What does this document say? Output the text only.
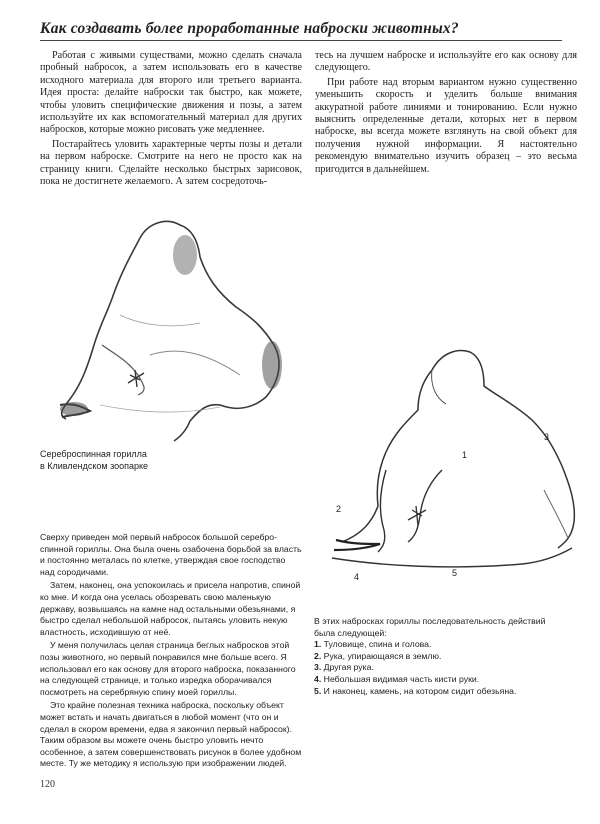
Как создавать более проработанные наброски животных?

Работая с живыми существами, можно сделать сначала пробный набросок, а затем использовать его в качестве исходного материала для второго или третьего варианта. Идея проста: делайте наброски так быстро, как можете, чтобы уловить специфические движения и позы, а затем используйте их как вспомогательный материал для других набросков, которые можно рисовать уже медленнее.

Постарайтесь уловить характерные черты позы и детали на первом наброске. Смотрите на него не просто как на страницу книги. Сделайте несколько быстрых зарисовок, пока не достигнете желаемого. А затем сосредоточь-

тесь на лучшем наброске и используйте его как основу для следующего.

При работе над вторым вариантом нужно существенно уменьшить скорость и уделить больше внимания аккуратной работе линиями и тонированию. Если нужно выяснить определенные детали, которых нет в первом наброске, вы всегда можете взглянуть на свой объект для получения нужной информации. Я настоятельно рекомендую внимательно изучить образец – это весьма пригодится в дальнейшем.

Сереброспинная горилла
в Кливлендском зоопарке
1
2
3
4	5

Сверху приведен мой первый набросок большой серебро-спинной гориллы. Она была очень озабочена борьбой за власть и постоянно металась по клетке, утверждая свое господство над сородичами.

Затем, наконец, она успокоилась и присела напротив, спиной ко мне. И когда она уселась обозревать свою маленькую державу, возвышаясь на камне над остальными обезьянами, я быстро сделал небольшой набросок, пытаясь уловить некую властность, исходившую от неё.

У меня получилась целая страница беглых набросков этой позы животного, но первый понравился мне больше всего. Я использовал его как основу для второго наброска, показанного на следующей странице, и только изредка оборачивался посмотреть на серебряную спину моей гориллы.

Это крайне полезная техника наброска, поскольку объект может встать и начать двигаться в любой момент (что он и сделал в скором времени, едва я закончил первый набросок). Таким образом вы можете очень быстро уловить нечто особенное, а затем совершенствовать рисунок в более удобном месте. Ту же методику я использую при изображении людей.

В этих набросках гориллы последовательность действий была следующей:
1. Туловище, спина и голова.
2. Рука, упирающаяся в землю.
3. Другая рука.
4. Небольшая видимая часть кисти руки.
5. И наконец, камень, на котором сидит обезьяна.
120
